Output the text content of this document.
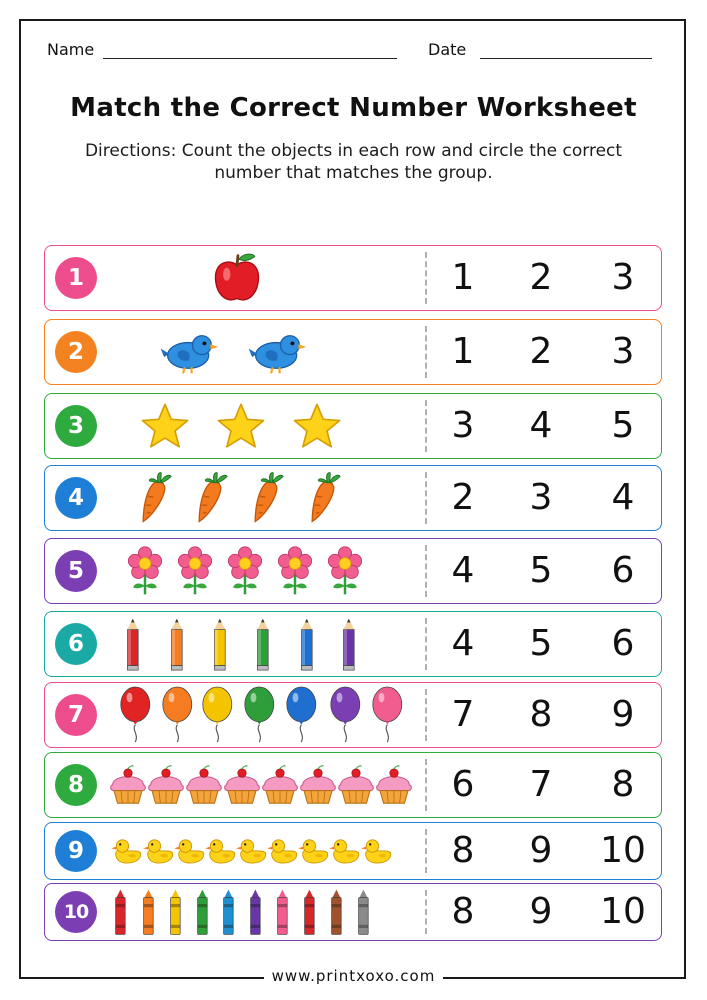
Name	Date
Match the Correct Number Worksheet
Directions: Count the objects in each row and circle the correct number that matches the group.
1	1	2	3
2	1	2	3
3	3	4	5
4	2	3	4
5	4	5	6
6	4	5	6
7	7	8	9
8	6	7	8
9	8	9	10
10	8	9	10
www.printxoxo.com
